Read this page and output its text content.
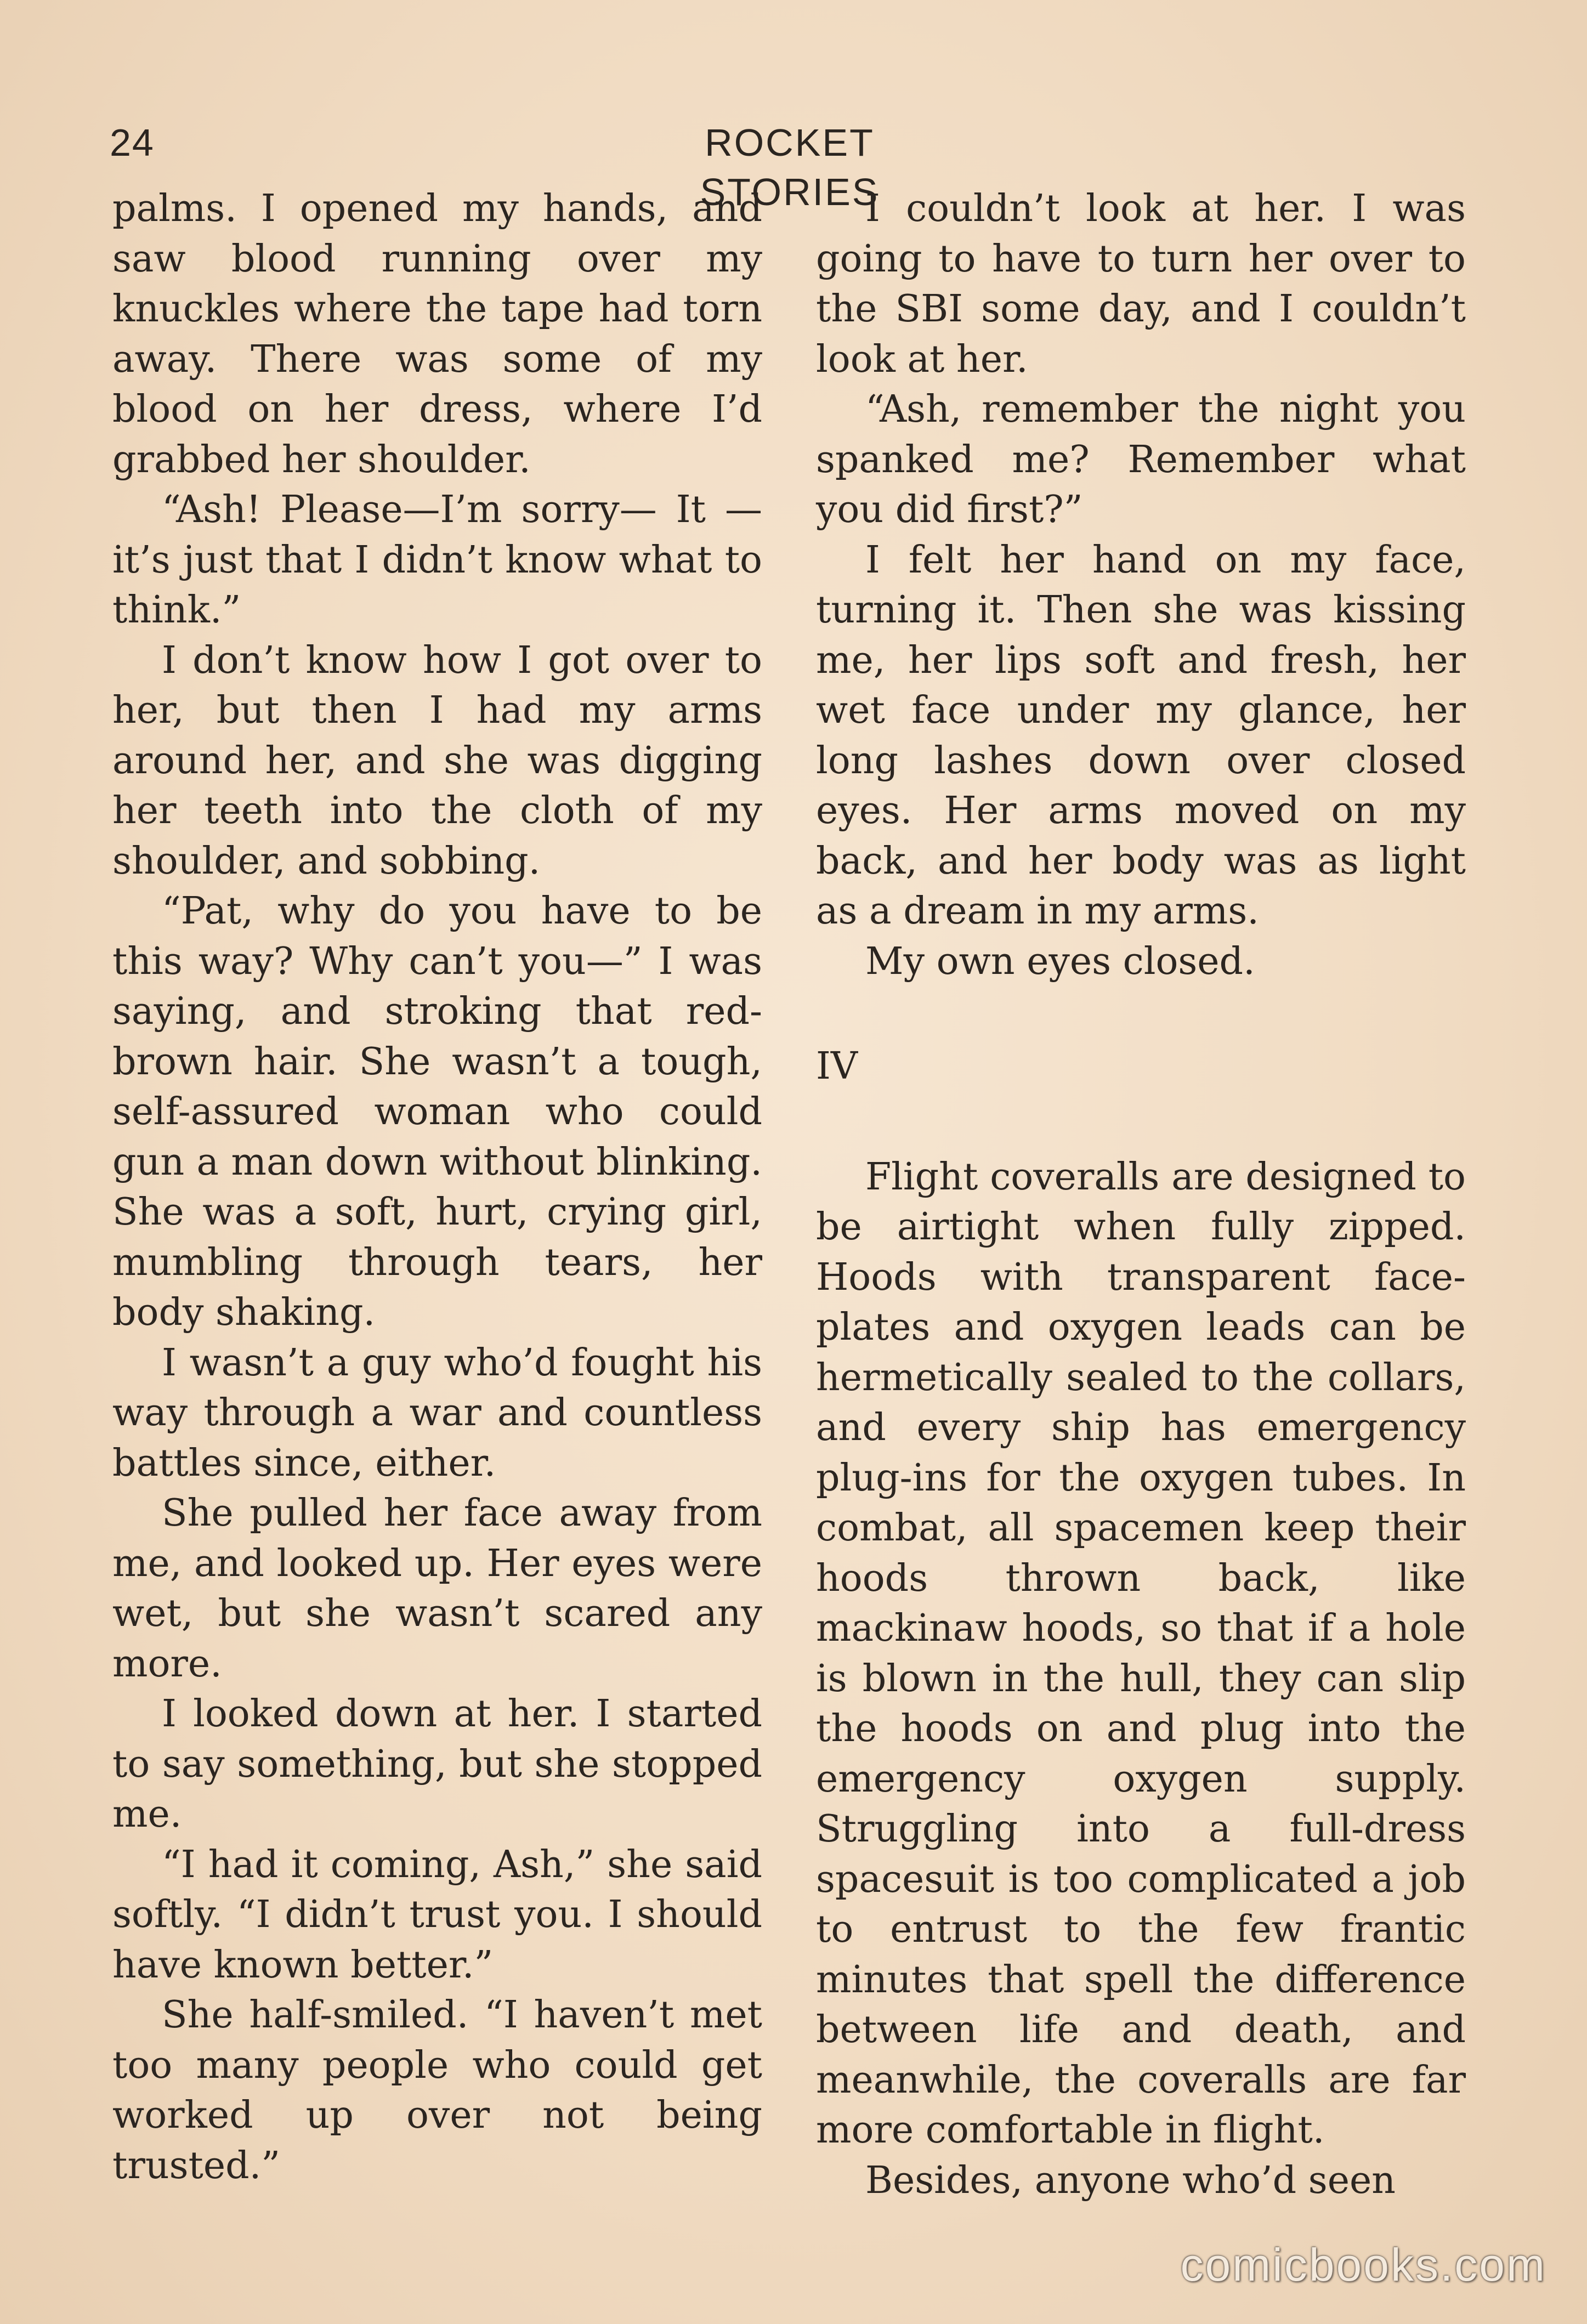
24	ROCKET STORIES

palms. I opened my hands, and saw blood running over my knuckles where the tape had torn away. There was some of my blood on her dress, where I’d grabbed her shoulder.

“Ash! Please—I’m sorry— It —it’s just that I didn’t know what to think.”

I don’t know how I got over to her, but then I had my arms around her, and she was digging her teeth into the cloth of my shoulder, and sobbing.

“Pat, why do you have to be this way? Why can’t you—” I was saying, and stroking that red-brown hair. She wasn’t a tough, self-assured woman who could gun a man down without blinking. She was a soft, hurt, crying girl, mumbling through tears, her body shaking.

I wasn’t a guy who’d fought his way through a war and countless battles since, either.

She pulled her face away from me, and looked up. Her eyes were wet, but she wasn’t scared any more.

I looked down at her. I started to say something, but she stopped me.

“I had it coming, Ash,” she said softly. “I didn’t trust you. I should have known better.”

She half-smiled. “I haven’t met too many people who could get worked up over not being trusted.”

I couldn’t look at her. I was going to have to turn her over to the SBI some day, and I couldn’t look at her.

“Ash, remember the night you spanked me? Remember what you did first?”

I felt her hand on my face, turning it. Then she was kissing me, her lips soft and fresh, her wet face under my glance, her long lashes down over closed eyes. Her arms moved on my back, and her body was as light as a dream in my arms.

My own eyes closed.

IV

Flight coveralls are designed to be airtight when fully zipped. Hoods with transparent face-plates and oxygen leads can be hermetically sealed to the collars, and every ship has emergency plug-ins for the oxygen tubes. In combat, all spacemen keep their hoods thrown back, like mackinaw hoods, so that if a hole is blown in the hull, they can slip the hoods on and plug into the emergency oxygen supply. Struggling into a full-dress spacesuit is too complicated a job to entrust to the few frantic minutes that spell the difference between life and death, and meanwhile, the coveralls are far more comfortable in flight.

Besides, anyone who’d seen

comicbooks.com
